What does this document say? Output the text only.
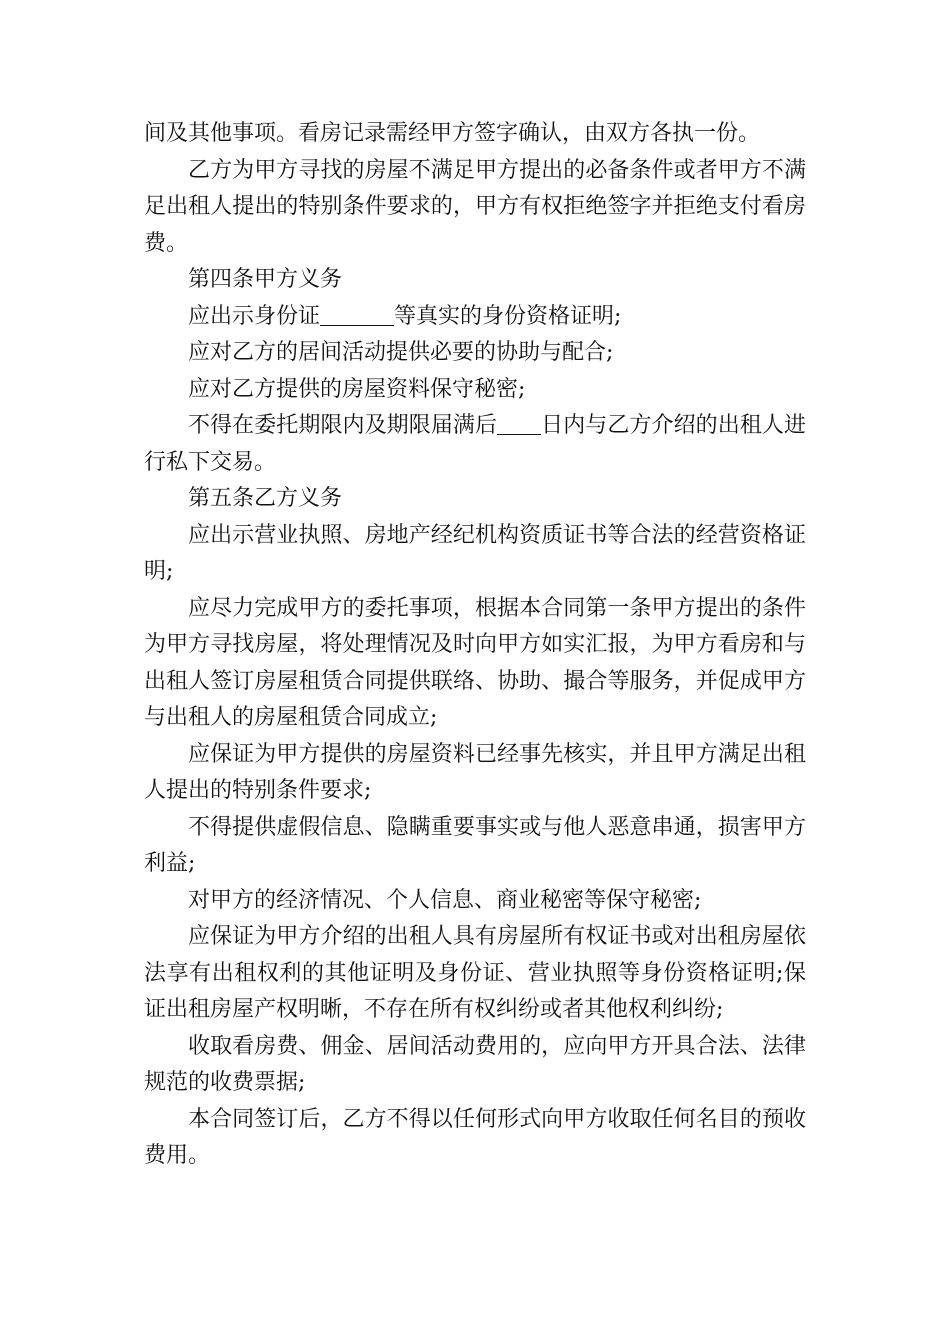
间及其他事项。看房记录需经甲方签字确认，由双方各执一份。

乙方为甲方寻找的房屋不满足甲方提出的必备条件或者甲方不满足出租人提出的特别条件要求的，甲方有权拒绝签字并拒绝支付看房费。

第四条甲方义务

应出示身份证	等真实的身份资格证明;

应对乙方的居间活动提供必要的协助与配合;

应对乙方提供的房屋资料保守秘密;

不得在委托期限内及期限届满后 日内与乙方介绍的出租人进行私下交易。

第五条乙方义务

应出示营业执照、房地产经纪机构资质证书等合法的经营资格证明;

应尽力完成甲方的委托事项，根据本合同第一条甲方提出的条件为甲方寻找房屋，将处理情况及时向甲方如实汇报，为甲方看房和与出租人签订房屋租赁合同提供联络、协助、撮合等服务，并促成甲方与出租人的房屋租赁合同成立;

应保证为甲方提供的房屋资料已经事先核实，并且甲方满足出租人提出的特别条件要求;

不得提供虚假信息、隐瞒重要事实或与他人恶意串通，损害甲方利益;

对甲方的经济情况、个人信息、商业秘密等保守秘密;

应保证为甲方介绍的出租人具有房屋所有权证书或对出租房屋依法享有出租权利的其他证明及身份证、营业执照等身份资格证明;保证出租房屋产权明晰，不存在所有权纠纷或者其他权利纠纷;

收取看房费、佣金、居间活动费用的，应向甲方开具合法、法律规范的收费票据;

本合同签订后，乙方不得以任何形式向甲方收取任何名目的预收费用。
